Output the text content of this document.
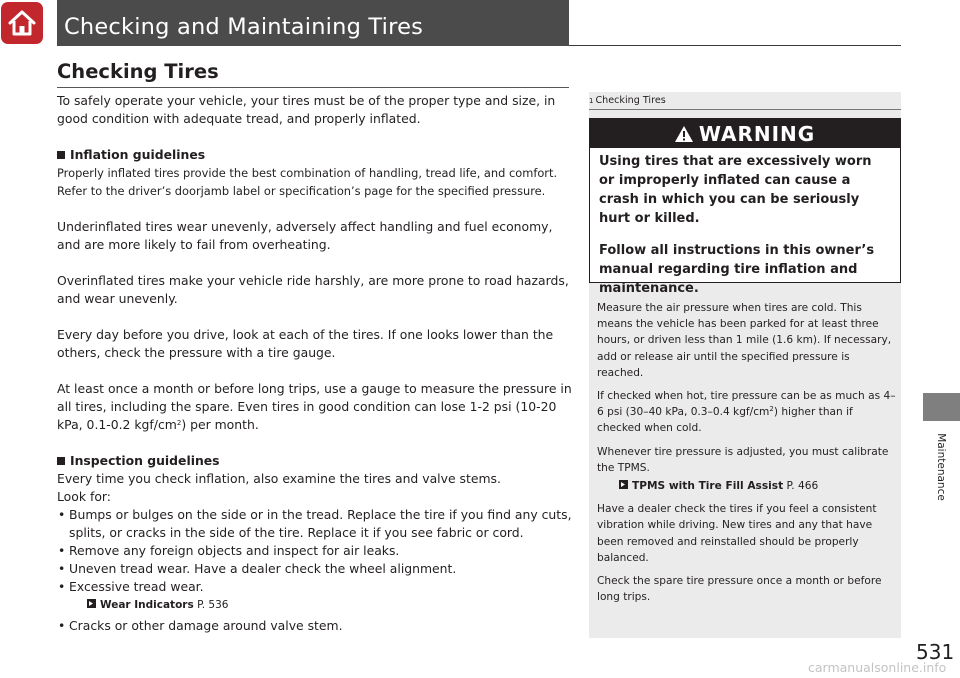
Checking and Maintaining Tires
Checking Tires

To safely operate your vehicle, your tires must be of the proper type and size, in good condition with adequate tread, and properly inflated.

Inflation guidelines

Properly inflated tires provide the best combination of handling, tread life, and comfort. Refer to the driver’s doorjamb label or specification’s page for the specified pressure.

Underinflated tires wear unevenly, adversely affect handling and fuel economy, and are more likely to fail from overheating.

Overinflated tires make your vehicle ride harshly, are more prone to road hazards, and wear unevenly.

Every day before you drive, look at each of the tires. If one looks lower than the others, check the pressure with a tire gauge.

At least once a month or before long trips, use a gauge to measure the pressure in all tires, including the spare. Even tires in good condition can lose 1-2 psi (10-20 kPa, 0.1-0.2 kgf/$cm^2$) per month.

Inspection guidelines

Every time you check inflation, also examine the tires and valve stems.

Look for:

• Bumps or bulges on the side or in the tread. Replace the tire if you find any cuts, splits, or cracks in the side of the tire. Replace it if you see fabric or cord.
• Remove any foreign objects and inspect for air leaks.
• Uneven tread wear. Have a dealer check the wheel alignment.
• Excessive tread wear.
Wear Indicators P. 536
• Cracks or other damage around valve stem.
1 Checking Tires
WARNING

Using tires that are excessively worn or improperly inflated can cause a crash in which you can be seriously hurt or killed.

Follow all instructions in this owner’s manual regarding tire inflation and maintenance.

Measure the air pressure when tires are cold. This means the vehicle has been parked for at least three hours, or driven less than 1 mile (1.6 km). If necessary, add or release air until the specified pressure is reached.

If checked when hot, tire pressure can be as much as 4–6 psi (30–40 kPa, 0.3–0.4 kgf/$cm^2$) higher than if checked when cold.

Whenever tire pressure is adjusted, you must calibrate the TPMS.

TPMS with Tire Fill Assist P. 466

Have a dealer check the tires if you feel a consistent vibration while driving. New tires and any that have been removed and reinstalled should be properly balanced.

Check the spare tire pressure once a month or before long trips.

Maintenance
531
carmanualsonline.info
